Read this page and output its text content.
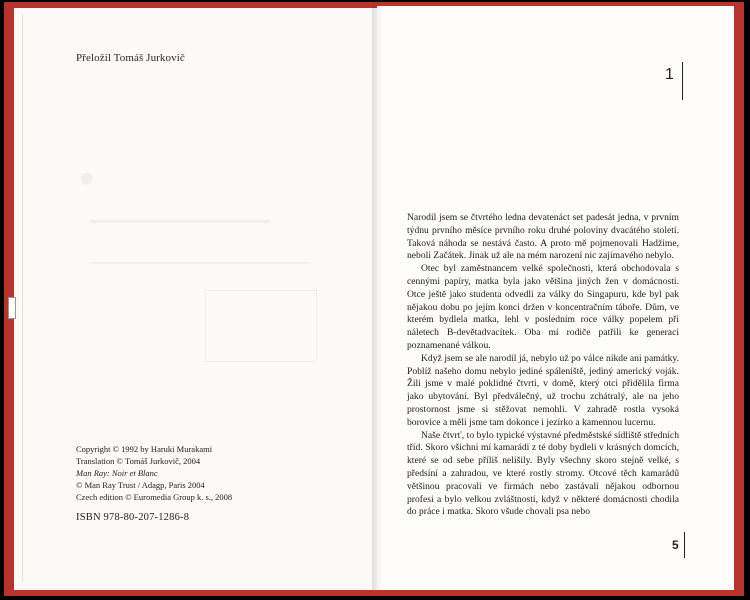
·
Přeložil Tomáš Jurkovič
Copyright © 1992 by Haruki Murakami
Translation © Tomáš Jurkovič, 2004
Man Ray: Noir et Blanc
© Man Ray Trust / Adagp, Paris 2004
Czech edition © Euromedia Group k. s., 2008
ISBN 978-80-207-1286-8
1

Narodil jsem se čtvrtého ledna devatenáct set padesát jedna, v prvním týdnu prvního měsíce prvního roku druhé poloviny dvacátého století. Taková náhoda se nestává často. A proto mě pojmenovali Hadžime, neboli Začátek. Jinak už ale na mém narození nic zajímavého nebylo.

Otec byl zaměstnancem velké společnosti, která obchodovala s cennými papíry, matka byla jako většina jiných žen v domácnosti. Otce ještě jako studenta odvedli za války do Singapuru, kde byl pak nějakou dobu po jejím konci držen v koncentračním táboře. Dům, ve kterém bydlela matka, lehl v posledním roce války popelem při náletech B-devětadvacítek. Oba mí rodiče patřili ke generaci poznamenané válkou.

Když jsem se ale narodil já, nebylo už po válce nikde ani památky. Poblíž našeho domu nebylo jediné spáleniště, jediný americký voják. Žili jsme v malé poklidné čtvrti, v domě, který otci přidělila firma jako ubytování. Byl předválečný, už trochu zchátralý, ale na jeho prostornost jsme si stěžovat nemohli. V zahradě rostla vysoká borovice a měli jsme tam dokonce i jezírko a kamennou lucernu.

Naše čtvrť, to bylo typické výstavné předměstské sídliště středních tříd. Skoro všichni mí kamarádi z té doby bydleli v krásných domcích, které se od sebe příliš nelišily. Byly všechny skoro stejně velké, s předsíní a zahradou, ve které rostly stromy. Otcové těch kamarádů většinou pracovali ve firmách nebo zastávali nějakou odbornou profesi a bylo velkou zvláštností, když v některé domácnosti chodila do práce i matka. Skoro všude chovali psa nebo

5
